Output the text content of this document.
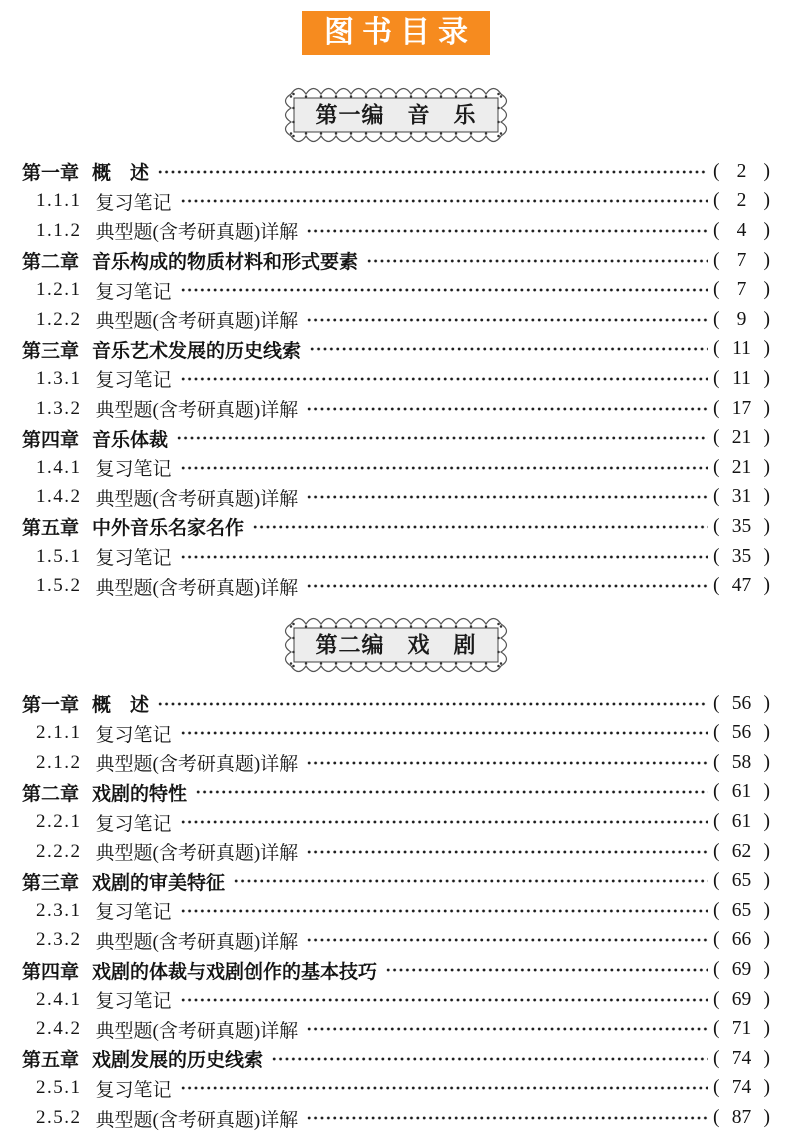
图书目录
第一编　音　乐
第一章 概　述	( 2 )
1.1.1 复习笔记	( 2 )
1.1.2 典型题(含考研真题)详解	( 4 )
第二章 音乐构成的物质材料和形式要素	( 7 )
1.2.1 复习笔记	( 7 )
1.2.2 典型题(含考研真题)详解	( 9 )
第三章 音乐艺术发展的历史线索	( 11 )
1.3.1 复习笔记	( 11 )
1.3.2 典型题(含考研真题)详解	( 17 )
第四章 音乐体裁	( 21 )
1.4.1 复习笔记	( 21 )
1.4.2 典型题(含考研真题)详解	( 31 )
第五章 中外音乐名家名作	( 35 )
1.5.1 复习笔记	( 35 )
1.5.2 典型题(含考研真题)详解	( 47 )
第二编　戏　剧
第一章 概　述	( 56 )
2.1.1 复习笔记	( 56 )
2.1.2 典型题(含考研真题)详解	( 58 )
第二章 戏剧的特性	( 61 )
2.2.1 复习笔记	( 61 )
2.2.2 典型题(含考研真题)详解	( 62 )
第三章 戏剧的审美特征	( 65 )
2.3.1 复习笔记	( 65 )
2.3.2 典型题(含考研真题)详解	( 66 )
第四章 戏剧的体裁与戏剧创作的基本技巧	( 69 )
2.4.1 复习笔记	( 69 )
2.4.2 典型题(含考研真题)详解	( 71 )
第五章 戏剧发展的历史线索	( 74 )
2.5.1 复习笔记	( 74 )
2.5.2 典型题(含考研真题)详解	( 87 )
